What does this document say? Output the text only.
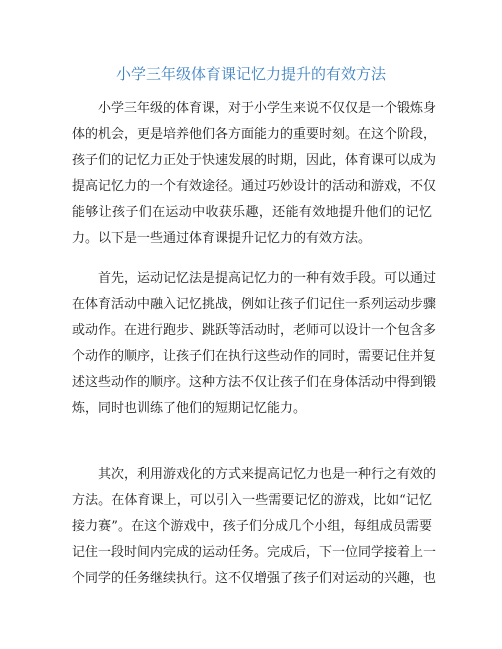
小学三年级体育课记忆力提升的有效方法
小学三年级的体育课，对于小学生来说不仅仅是一个锻炼身
体的机会，更是培养他们各方面能力的重要时刻。在这个阶段，
孩子们的记忆力正处于快速发展的时期，因此，体育课可以成为
提高记忆力的一个有效途径。通过巧妙设计的活动和游戏，不仅
能够让孩子们在运动中收获乐趣，还能有效地提升他们的记忆
力。以下是一些通过体育课提升记忆力的有效方法。
首先，运动记忆法是提高记忆力的一种有效手段。可以通过
在体育活动中融入记忆挑战，例如让孩子们记住一系列运动步骤
或动作。在进行跑步、跳跃等活动时，老师可以设计一个包含多
个动作的顺序，让孩子们在执行这些动作的同时，需要记住并复
述这些动作的顺序。这种方法不仅让孩子们在身体活动中得到锻
炼，同时也训练了他们的短期记忆能力。
其次，利用游戏化的方式来提高记忆力也是一种行之有效的
方法。在体育课上，可以引入一些需要记忆的游戏，比如“记忆
接力赛”。在这个游戏中，孩子们分成几个小组，每组成员需要
记住一段时间内完成的运动任务。完成后，下一位同学接着上一
个同学的任务继续执行。这不仅增强了孩子们对运动的兴趣，也
